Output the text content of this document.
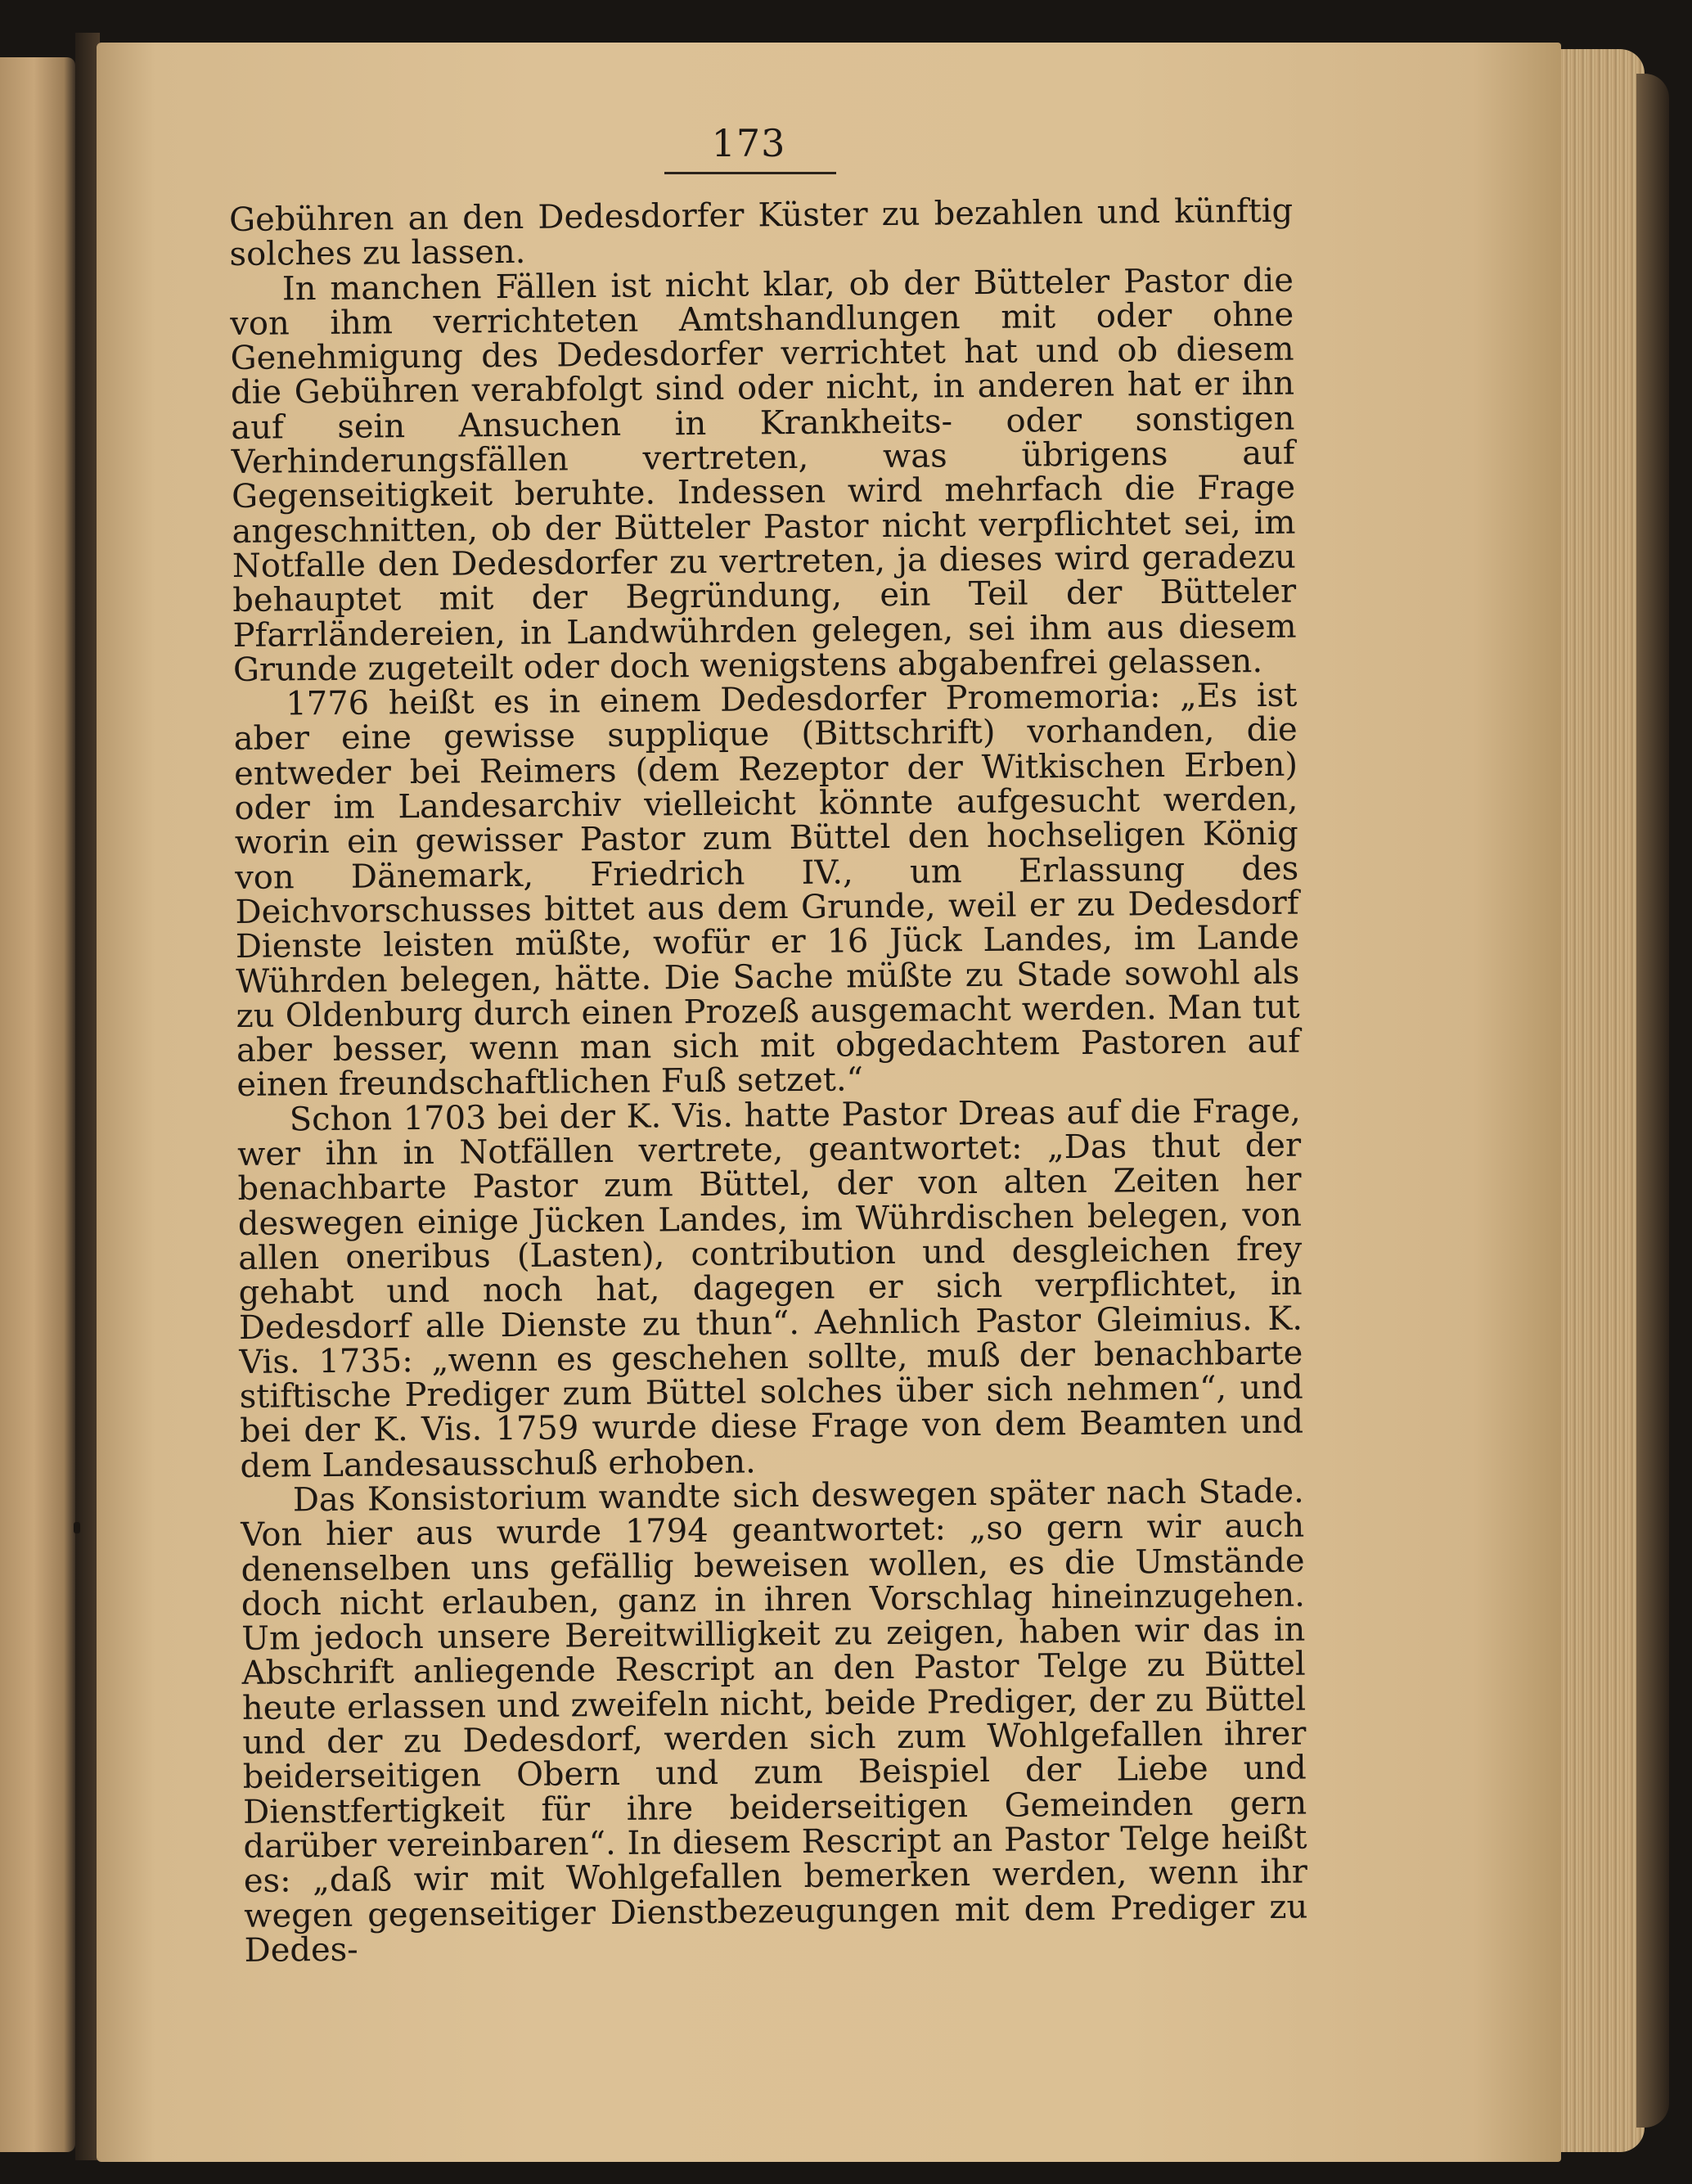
173

Gebühren an den Dedesdorfer Küster zu bezahlen und künftig solches zu lassen.

In manchen Fällen ist nicht klar, ob der Bütteler Pastor die von ihm verrichteten Amtshandlungen mit oder ohne Genehmigung des Dedesdorfer verrichtet hat und ob diesem die Gebühren verabfolgt sind oder nicht, in anderen hat er ihn auf sein Ansuchen in Krankheits- oder sonstigen Verhinderungsfällen vertreten, was übrigens auf Gegenseitigkeit beruhte. Indessen wird mehrfach die Frage angeschnitten, ob der Bütteler Pastor nicht verpflichtet sei, im Notfalle den Dedesdorfer zu vertreten, ja dieses wird geradezu behauptet mit der Begründung, ein Teil der Bütteler Pfarrländereien, in Landwührden gelegen, sei ihm aus diesem Grunde zugeteilt oder doch wenigstens abgabenfrei gelassen.

1776 heißt es in einem Dedesdorfer Promemoria: „Es ist aber eine gewisse supplique (Bittschrift) vorhanden, die entweder bei Reimers (dem Rezeptor der Witkischen Erben) oder im Landesarchiv vielleicht könnte aufgesucht werden, worin ein gewisser Pastor zum Büttel den hochseligen König von Dänemark, Friedrich IV., um Erlassung des Deichvorschusses bittet aus dem Grunde, weil er zu Dedesdorf Dienste leisten müßte, wofür er 16 Jück Landes, im Lande Wührden belegen, hätte. Die Sache müßte zu Stade sowohl als zu Oldenburg durch einen Prozeß ausgemacht werden. Man tut aber besser, wenn man sich mit obgedachtem Pastoren auf einen freundschaftlichen Fuß setzet.“

Schon 1703 bei der K. Vis. hatte Pastor Dreas auf die Frage, wer ihn in Notfällen vertrete, geantwortet: „Das thut der benachbarte Pastor zum Büttel, der von alten Zeiten her deswegen einige Jücken Landes, im Wührdischen belegen, von allen oneribus (Lasten), contribution und desgleichen frey gehabt und noch hat, dagegen er sich verpflichtet, in Dedesdorf alle Dienste zu thun“. Aehnlich Pastor Gleimius. K. Vis. 1735: „wenn es geschehen sollte, muß der benachbarte stiftische Prediger zum Büttel solches über sich nehmen“, und bei der K. Vis. 1759 wurde diese Frage von dem Beamten und dem Landesausschuß erhoben.

Das Konsistorium wandte sich deswegen später nach Stade. Von hier aus wurde 1794 geantwortet: „so gern wir auch denenselben uns gefällig beweisen wollen, es die Umstände doch nicht erlauben, ganz in ihren Vorschlag hineinzugehen. Um jedoch unsere Bereitwilligkeit zu zeigen, haben wir das in Abschrift anliegende Rescript an den Pastor Telge zu Büttel heute erlassen und zweifeln nicht, beide Prediger, der zu Büttel und der zu Dedesdorf, werden sich zum Wohlgefallen ihrer beiderseitigen Obern und zum Beispiel der Liebe und Dienstfertigkeit für ihre beiderseitigen Gemeinden gern darüber vereinbaren“. In diesem Rescript an Pastor Telge heißt es: „daß wir mit Wohlgefallen bemerken werden, wenn ihr wegen gegenseitiger Dienstbezeugungen mit dem Prediger zu Dedes-
